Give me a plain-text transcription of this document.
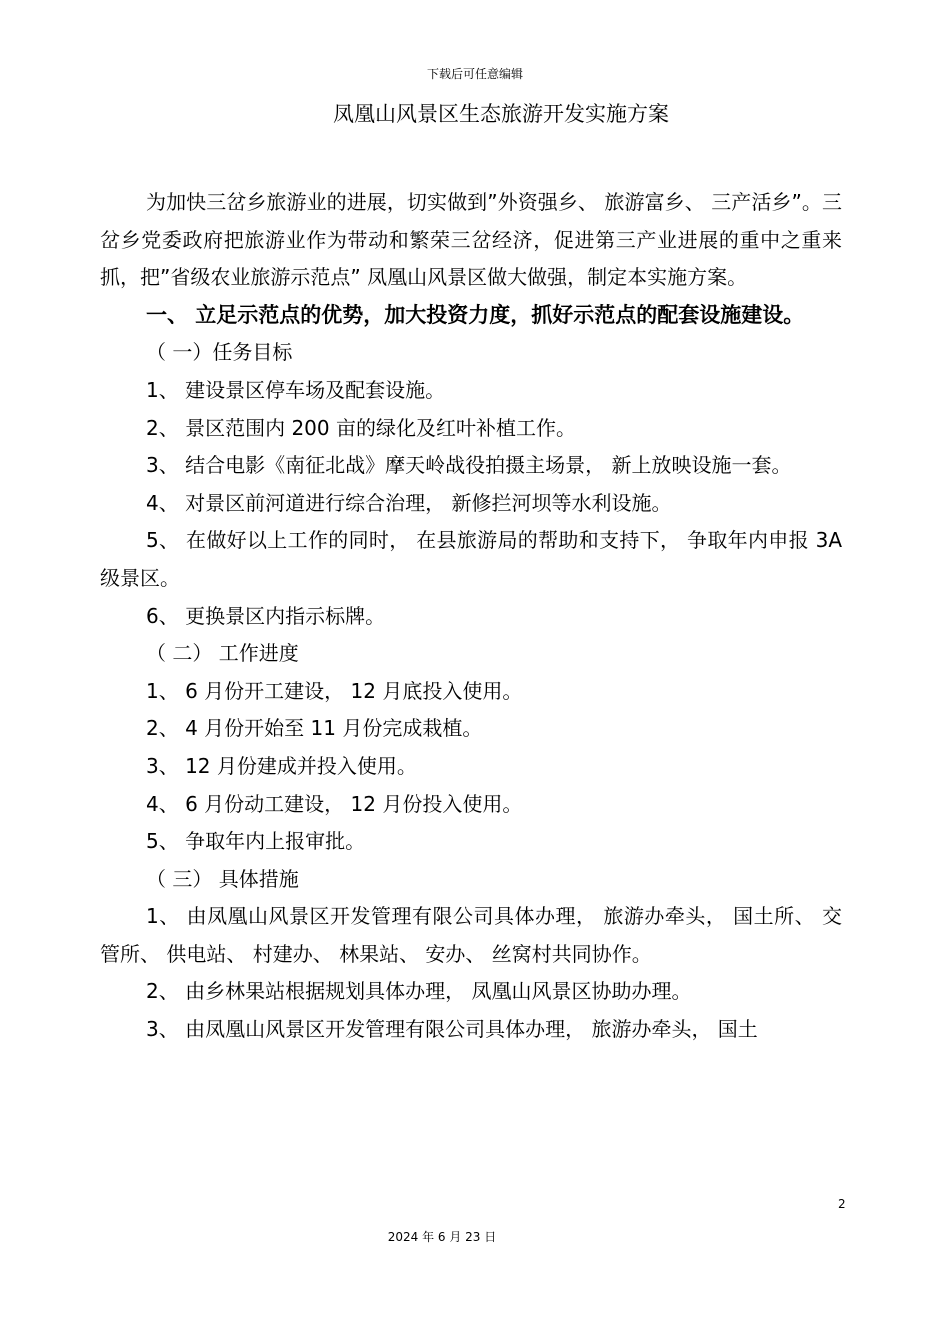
下载后可任意编辑
凤凰山风景区生态旅游开发实施方案

为加快三岔乡旅游业的进展，切实做到”外资强乡、 旅游富乡、 三产活乡”。三岔乡党委政府把旅游业作为带动和繁荣三岔经济，促进第三产业进展的重中之重来抓，把”省级农业旅游示范点” 凤凰山风景区做大做强，制定本实施方案。

一、 立足示范点的优势，加大投资力度，抓好示范点的配套设施建设。

（ 一）任务目标

1、 建设景区停车场及配套设施。

2、 景区范围内 200 亩的绿化及红叶补植工作。

3、 结合电影《南征北战》摩天岭战役拍摄主场景， 新上放映设施一套。

4、 对景区前河道进行综合治理， 新修拦河坝等水利设施。

5、 在做好以上工作的同时， 在县旅游局的帮助和支持下， 争取年内申报 3A 级景区。

6、 更换景区内指示标牌。

（ 二） 工作进度

1、 6 月份开工建设， 12 月底投入使用。

2、 4 月份开始至 11 月份完成栽植。

3、 12 月份建成并投入使用。

4、 6 月份动工建设， 12 月份投入使用。

5、 争取年内上报审批。

（ 三） 具体措施

1、 由凤凰山风景区开发管理有限公司具体办理， 旅游办牵头， 国土所、 交管所、 供电站、 村建办、 林果站、 安办、 丝窝村共同协作。

2、 由乡林果站根据规划具体办理， 凤凰山风景区协助办理。

3、 由凤凰山风景区开发管理有限公司具体办理， 旅游办牵头， 国土

2
2024 年 6 月 23 日
